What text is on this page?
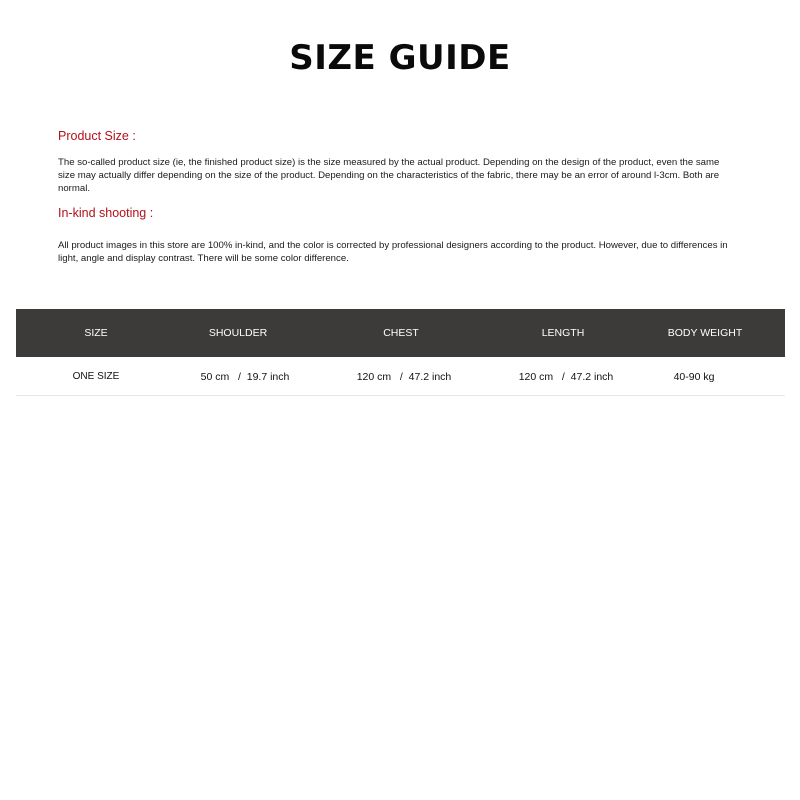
SIZE GUIDE
Product Size :
The so-called product size (ie, the finished product size) is the size measured by the actual product. Depending on the design of the product, even the same size may actually differ depending on the size of the product. Depending on the characteristics of the fabric, there may be an error of around l-3cm. Both are normal.
In-kind shooting :
All product images in this store are 100% in-kind, and the color is corrected by professional designers according to the product. However, due to differences in light, angle and display contrast. There will be some color difference.
SIZE	SHOULDER	CHEST	LENGTH	BODY WEIGHT
ONE SIZE	50 cm   /  19.7 inch	120 cm   /  47.2 inch	120 cm   /  47.2 inch	40-90 kg
